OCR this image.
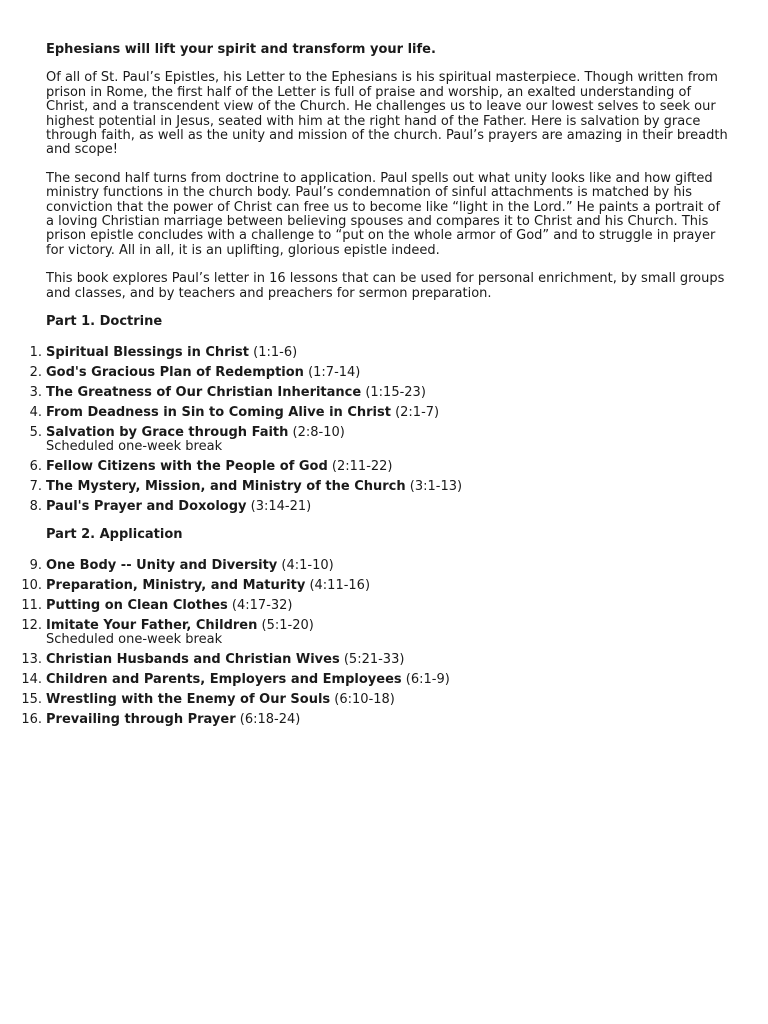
Ephesians will lift your spirit and transform your life.

Of all of St. Paul’s Epistles, his Letter to the Ephesians is his spiritual masterpiece. Though written from prison in Rome, the first half of the Letter is full of praise and worship, an exalted understanding of Christ, and a transcendent view of the Church. He challenges us to leave our lowest selves to seek our highest potential in Jesus, seated with him at the right hand of the Father. Here is salvation by grace through faith, as well as the unity and mission of the church. Paul’s prayers are amazing in their breadth and scope!

The second half turns from doctrine to application. Paul spells out what unity looks like and how gifted ministry functions in the church body. Paul’s condemnation of sinful attachments is matched by his conviction that the power of Christ can free us to become like “light in the Lord.” He paints a portrait of a loving Christian marriage between believing spouses and compares it to Christ and his Church. This prison epistle concludes with a challenge to “put on the whole armor of God” and to struggle in prayer for victory. All in all, it is an uplifting, glorious epistle indeed.

This book explores Paul’s letter in 16 lessons that can be used for personal enrichment, by small groups and classes, and by teachers and preachers for sermon preparation.

Part 1. Doctrine

1. Spiritual Blessings in Christ (1:1-6)
2. God's Gracious Plan of Redemption (1:7-14)
3. The Greatness of Our Christian Inheritance (1:15-23)
4. From Deadness in Sin to Coming Alive in Christ (2:1-7)
5. Salvation by Grace through Faith (2:8-10)
Scheduled one-week break
6. Fellow Citizens with the People of God (2:11-22)
7. The Mystery, Mission, and Ministry of the Church (3:1-13)
8. Paul's Prayer and Doxology (3:14-21)

Part 2. Application

9. One Body -- Unity and Diversity (4:1-10)
10. Preparation, Ministry, and Maturity (4:11-16)
11. Putting on Clean Clothes (4:17-32)
12. Imitate Your Father, Children (5:1-20)
Scheduled one-week break
13. Christian Husbands and Christian Wives (5:21-33)
14. Children and Parents, Employers and Employees (6:1-9)
15. Wrestling with the Enemy of Our Souls (6:10-18)
16. Prevailing through Prayer (6:18-24)
